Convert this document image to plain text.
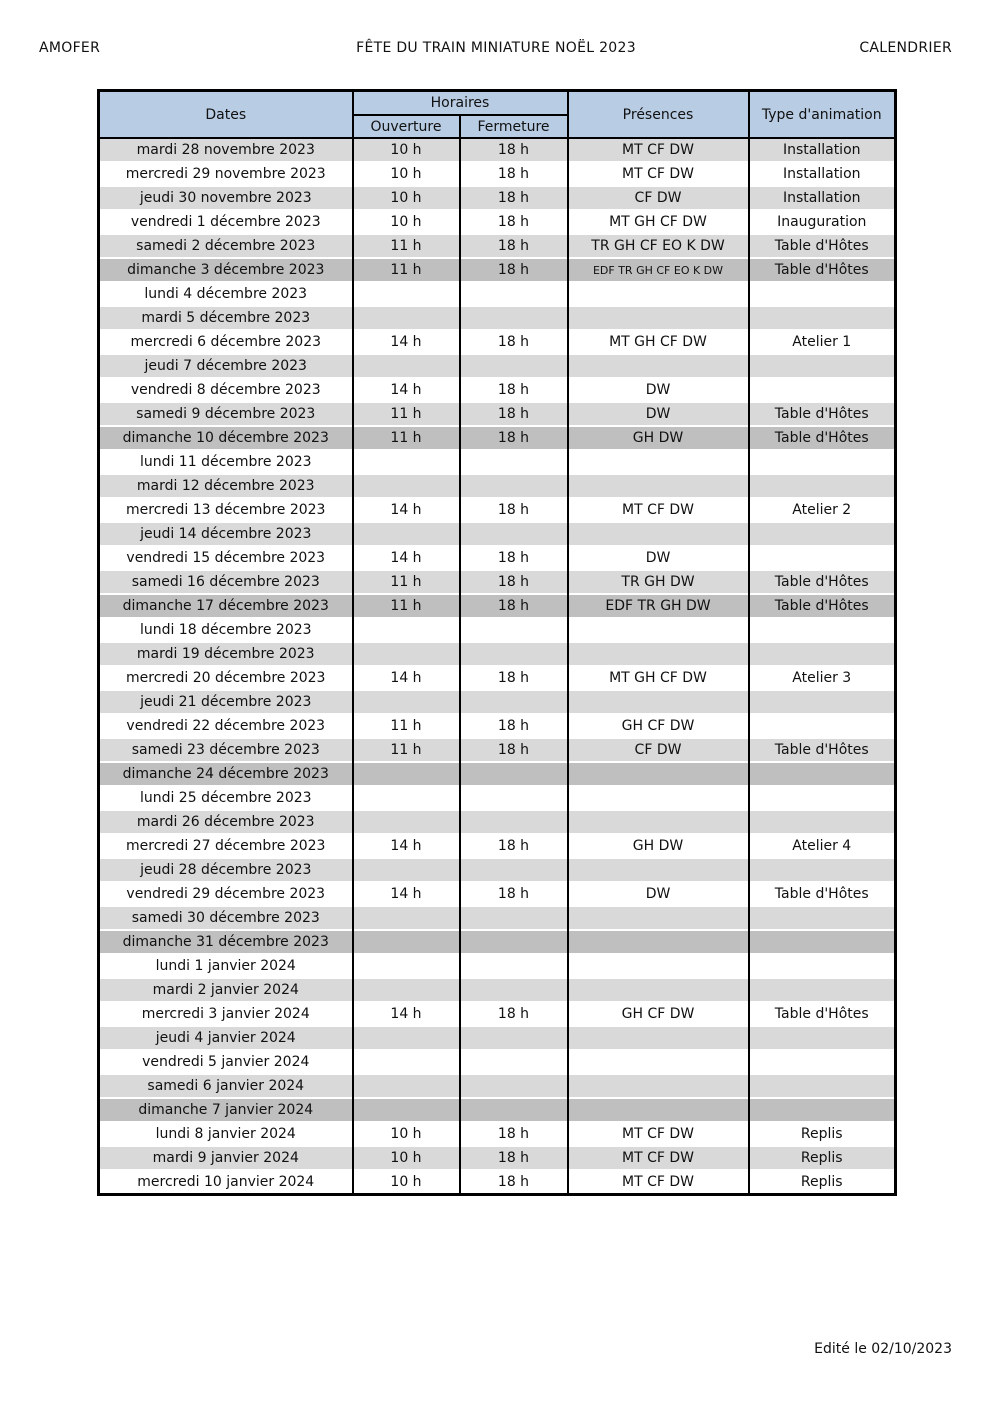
AMOFER	FÊTE DU TRAIN MINIATURE NOËL 2023	CALENDRIER
Dates	Horaires		Présences	Type d'animation
	Ouverture	Fermeture		
mardi 28 novembre 2023	10 h	18 h	MT CF DW	Installation
mercredi 29 novembre 2023	10 h	18 h	MT CF DW	Installation
jeudi 30 novembre 2023	10 h	18 h	CF DW	Installation
vendredi 1 décembre 2023	10 h	18 h	MT GH CF DW	Inauguration
samedi 2 décembre 2023	11 h	18 h	TR GH CF EO K DW	Table d'Hôtes
dimanche 3 décembre 2023	11 h	18 h	EDF TR GH CF EO K DW	Table d'Hôtes
lundi 4 décembre 2023				
mardi 5 décembre 2023				
mercredi 6 décembre 2023	14 h	18 h	MT GH CF DW	Atelier 1
jeudi 7 décembre 2023				
vendredi 8 décembre 2023	14 h	18 h	DW	
samedi 9 décembre 2023	11 h	18 h	DW	Table d'Hôtes
dimanche 10 décembre 2023	11 h	18 h	GH DW	Table d'Hôtes
lundi 11 décembre 2023				
mardi 12 décembre 2023				
mercredi 13 décembre 2023	14 h	18 h	MT CF DW	Atelier 2
jeudi 14 décembre 2023				
vendredi 15 décembre 2023	14 h	18 h	DW	
samedi 16 décembre 2023	11 h	18 h	TR GH DW	Table d'Hôtes
dimanche 17 décembre 2023	11 h	18 h	EDF TR GH DW	Table d'Hôtes
lundi 18 décembre 2023				
mardi 19 décembre 2023				
mercredi 20 décembre 2023	14 h	18 h	MT GH CF DW	Atelier 3
jeudi 21 décembre 2023				
vendredi 22 décembre 2023	11 h	18 h	GH CF DW	
samedi 23 décembre 2023	11 h	18 h	CF DW	Table d'Hôtes
dimanche 24 décembre 2023				
lundi 25 décembre 2023				
mardi 26 décembre 2023				
mercredi 27 décembre 2023	14 h	18 h	GH DW	Atelier 4
jeudi 28 décembre 2023				
vendredi 29 décembre 2023	14 h	18 h	DW	Table d'Hôtes
samedi 30 décembre 2023				
dimanche 31 décembre 2023				
lundi 1 janvier 2024				
mardi 2 janvier 2024				
mercredi 3 janvier 2024	14 h	18 h	GH CF DW	Table d'Hôtes
jeudi 4 janvier 2024				
vendredi 5 janvier 2024				
samedi 6 janvier 2024				
dimanche 7 janvier 2024				
lundi 8 janvier 2024	10 h	18 h	MT CF DW	Replis
mardi 9 janvier 2024	10 h	18 h	MT CF DW	Replis
mercredi 10 janvier 2024	10 h	18 h	MT CF DW	Replis
Edité le 02/10/2023
